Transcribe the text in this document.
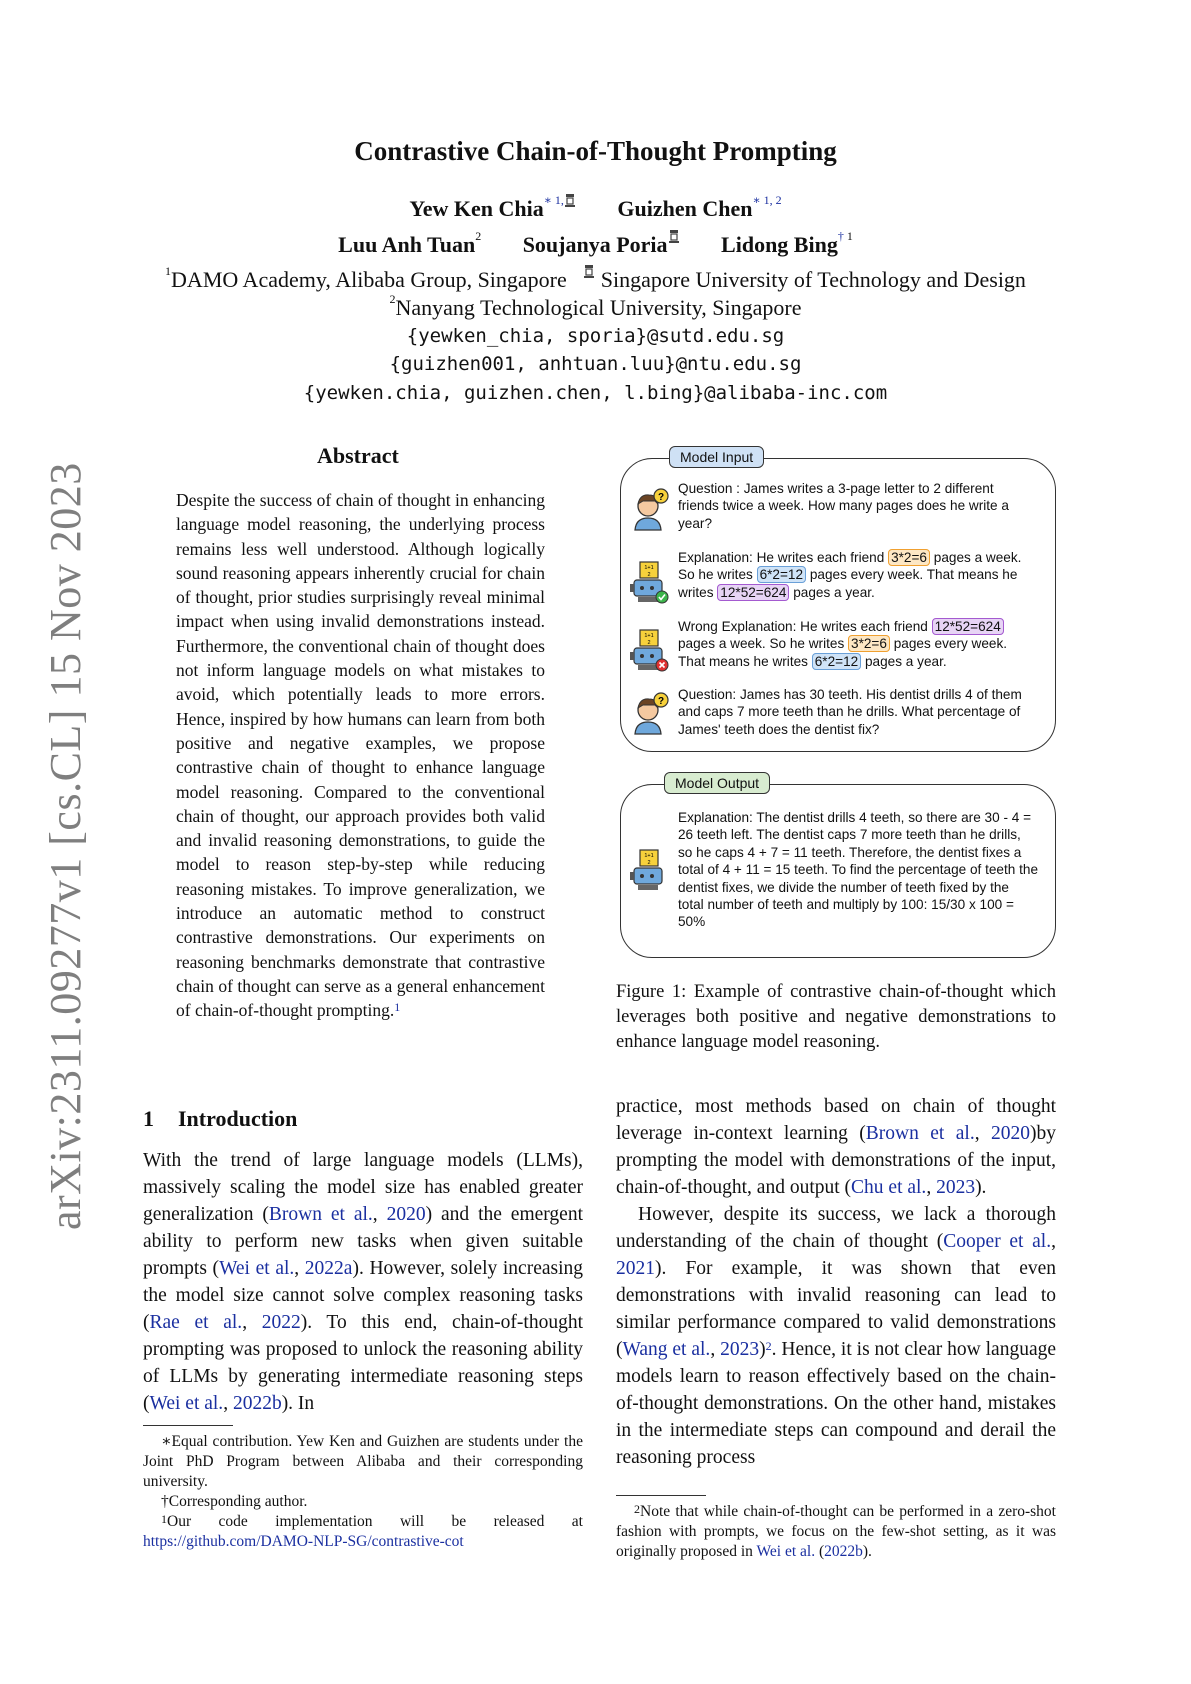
arXiv:2311.09277v1 [cs.CL] 15 Nov 2023
Contrastive Chain-of-Thought Prompting
Yew Ken Chia$^{∗ 1,}$ Guizhen Chen$^{∗ 1, 2}$
Luu Anh Tuan$^2$ Soujanya Poria Lidong Bing† $^1$
$^1$DAMO Academy, Alibaba Group, Singapore Singapore University of Technology and Design
$^2$Nanyang Technological University, Singapore
{yewken_chia, sporia}@sutd.edu.sg
{guizhen001, anhtuan.luu}@ntu.edu.sg
{yewken.chia, guizhen.chen, l.bing}@alibaba-inc.com
Abstract
Despite the success of chain of thought in enhancing language model reasoning, the underlying process remains less well understood. Although logically sound reasoning appears inherently crucial for chain of thought, prior studies surprisingly reveal minimal impact when using invalid demonstrations instead. Furthermore, the conventional chain of thought does not inform language models on what mistakes to avoid, which potentially leads to more errors. Hence, inspired by how humans can learn from both positive and negative examples, we propose contrastive chain of thought to enhance language model reasoning. Compared to the conventional chain of thought, our approach provides both valid and invalid reasoning demonstrations, to guide the model to reason step-by-step while reducing reasoning mistakes. To improve generalization, we introduce an automatic method to construct contrastive demonstrations. Our experiments on reasoning benchmarks demonstrate that contrastive chain of thought can serve as a general enhancement of chain-of-thought prompting.$^1$
Model Input
?
Question : James writes a 3-page letter to 2 different friends twice a week. How many pages does he write a year?
1+1
2
Explanation: He writes each friend 3*2=6 pages a week. So he writes 6*2=12 pages every week. That means he writes 12*52=624 pages a year.
1+1
2
Wrong Explanation: He writes each friend 12*52=624 pages a week. So he writes 3*2=6 pages every week. That means he writes 6*2=12 pages a year.
? Question: James has 30 teeth. His dentist drills 4 of them and caps 7 more teeth than he drills. What percentage of James' teeth does the dentist fix?
Model Output
1+1
2
Explanation: The dentist drills 4 teeth, so there are 30 - 4 = 26 teeth left. The dentist caps 7 more teeth than he drills, so he caps 4 + 7 = 11 teeth. Therefore, the dentist fixes a total of 4 + 11 = 15 teeth. To find the percentage of teeth the dentist fixes, we divide the number of teeth fixed by the total number of teeth and multiply by 100: 15/30 x 100 = 50%
Figure 1: Example of contrastive chain-of-thought which leverages both positive and negative demonstrations to enhance language model reasoning.
1 Introduction
With the trend of large language models (LLMs), massively scaling the model size has enabled greater generalization (Brown et al., 2020) and the emergent ability to perform new tasks when given suitable prompts (Wei et al., 2022a). However, solely increasing the model size cannot solve complex reasoning tasks (Rae et al., 2022). To this end, chain-of-thought prompting was proposed to unlock the reasoning ability of LLMs by generating intermediate reasoning steps (Wei et al., 2022b). In
practice, most methods based on chain of thought leverage in-context learning (Brown et al., 2020)by prompting the model with demonstrations of the input, chain-of-thought, and output (Chu et al., 2023).
However, despite its success, we lack a thorough understanding of the chain of thought (Cooper et al., 2021). For example, it was shown that even demonstrations with invalid reasoning can lead to similar performance compared to valid demonstrations (Wang et al., 2023)$^2$. Hence, it is not clear how language models learn to reason effectively based on the chain-of-thought demonstrations. On the other hand, mistakes in the intermediate steps can compound and derail the reasoning process
∗Equal contribution. Yew Ken and Guizhen are students under the Joint PhD Program between Alibaba and their corresponding university.
†Corresponding author.
$^1$Our code implementation will be released at https://github.com/DAMO-NLP-SG/contrastive-cot
$^2$Note that while chain-of-thought can be performed in a zero-shot fashion with prompts, we focus on the few-shot setting, as it was originally proposed in Wei et al. (2022b).
